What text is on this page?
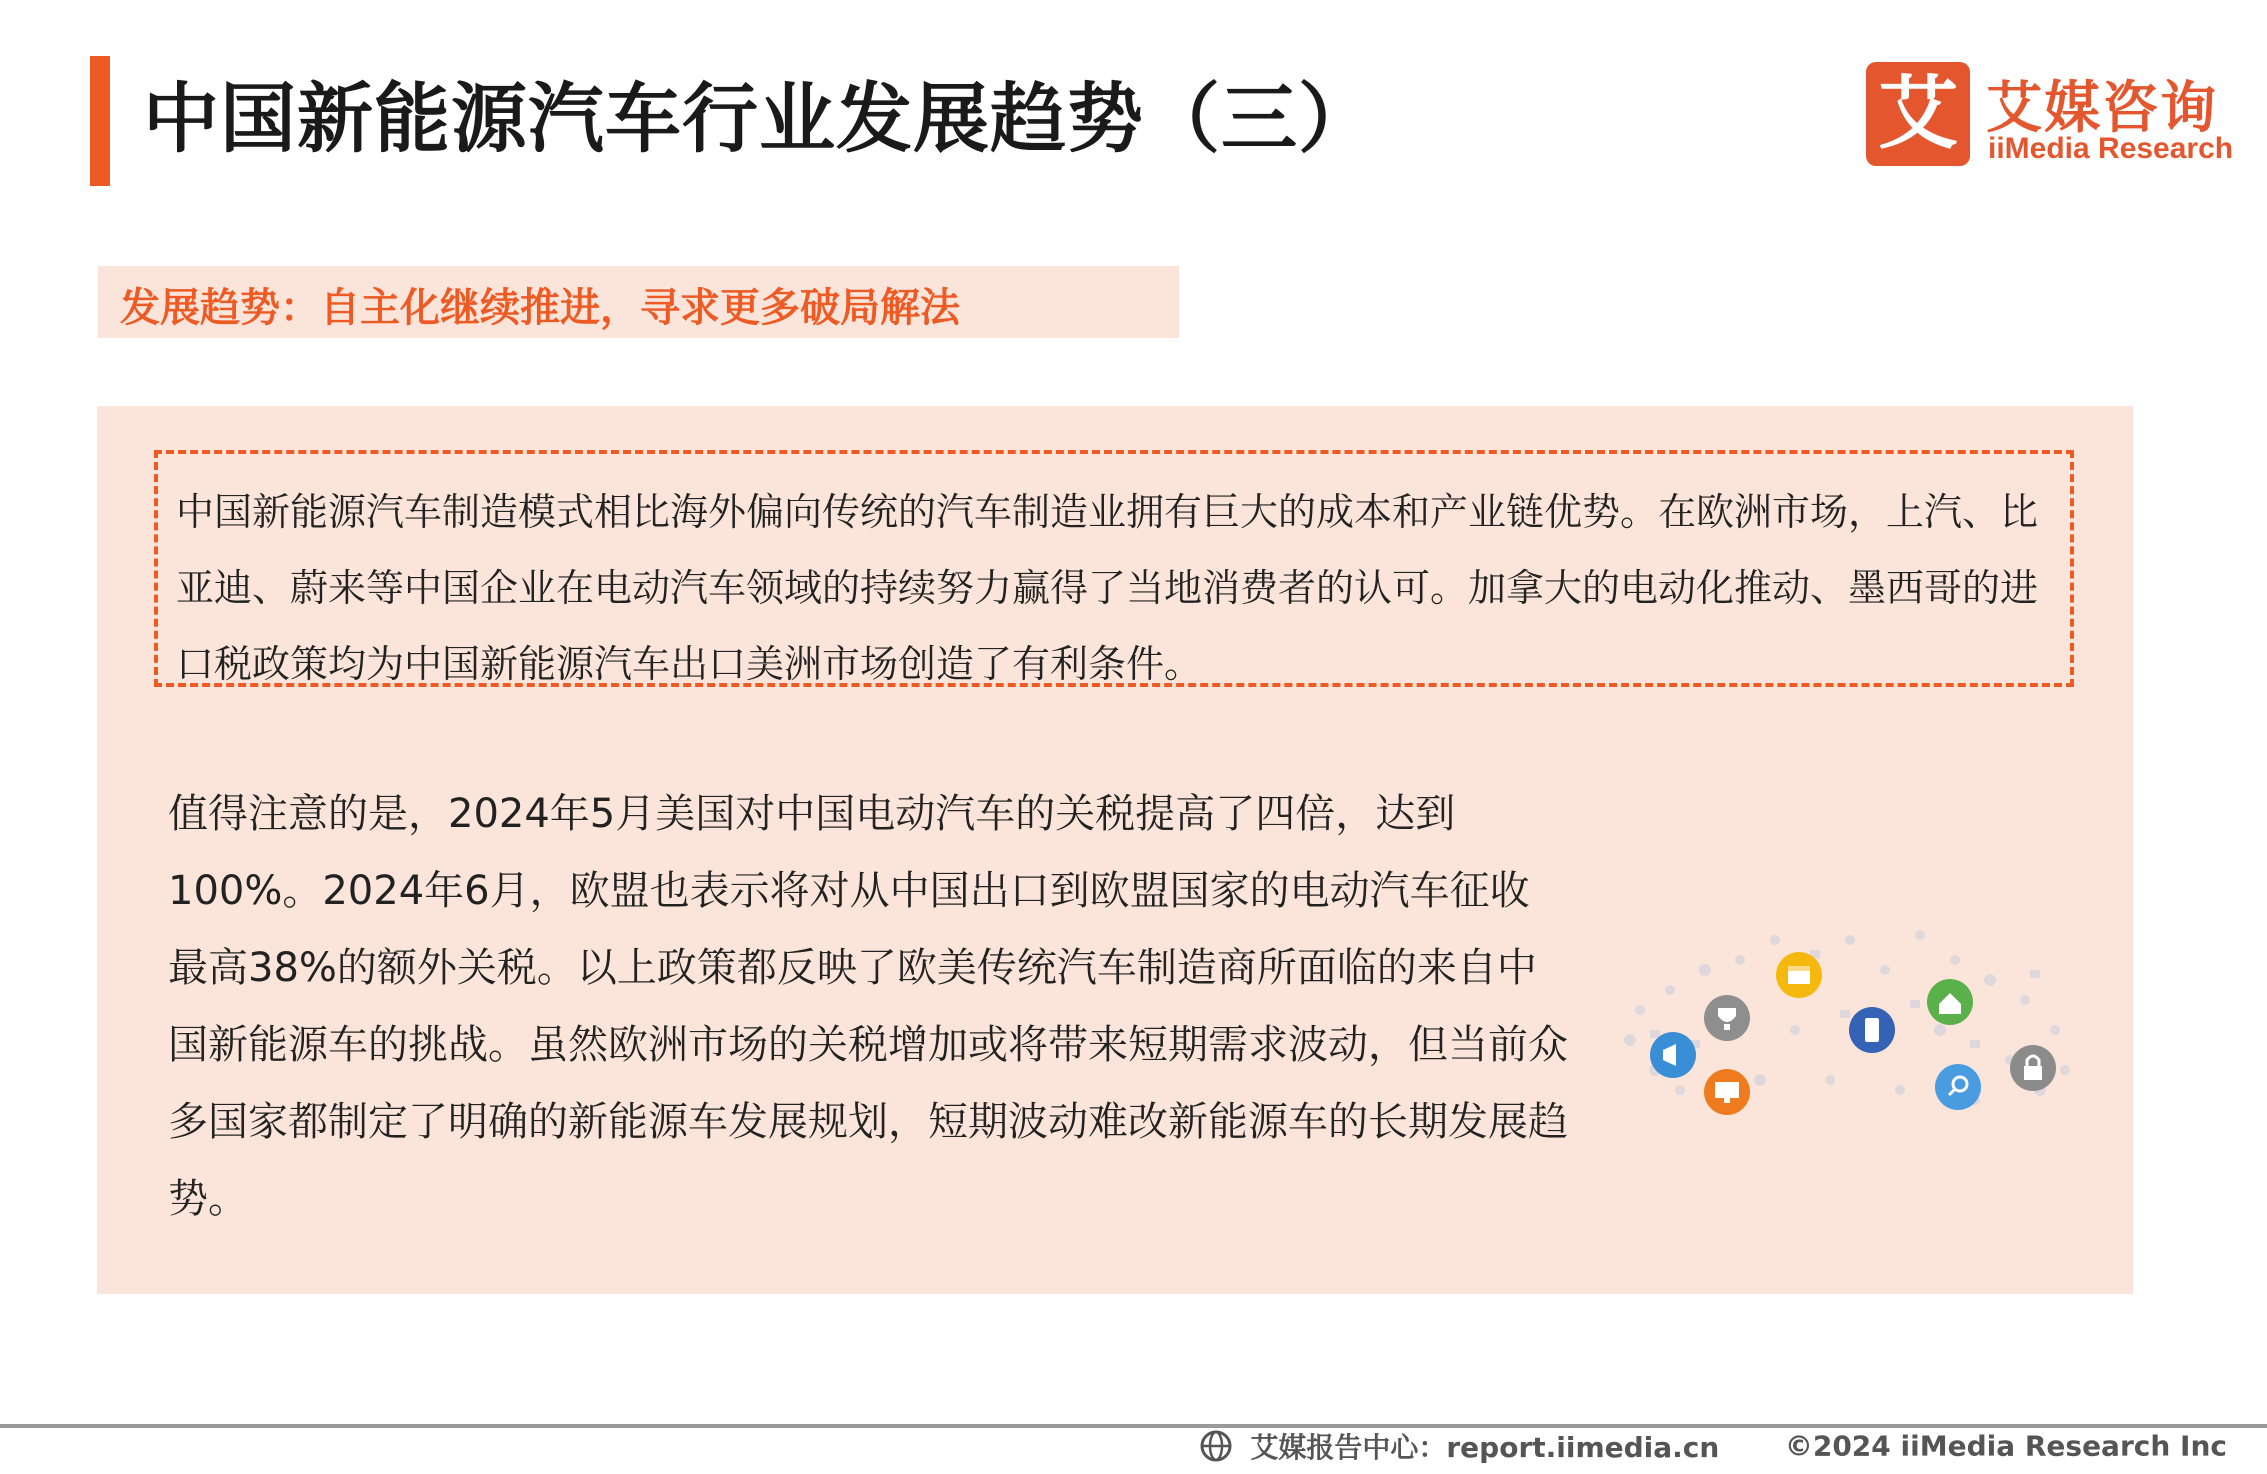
中国新能源汽车行业发展趋势（三）	艾 艾媒咨询
iiMedia Research
发展趋势：自主化继续推进，寻求更多破局解法
中国新能源汽车制造模式相比海外偏向传统的汽车制造业拥有巨大的成本和产业链优势。在欧洲市场，上汽、比亚迪、蔚来等中国企业在电动汽车领域的持续努力赢得了当地消费者的认可。加拿大的电动化推动、墨西哥的进口税政策均为中国新能源汽车出口美洲市场创造了有利条件。
值得注意的是，2024年5月美国对中国电动汽车的关税提高了四倍，达到100%。2024年6月，欧盟也表示将对从中国出口到欧盟国家的电动汽车征收最高38%的额外关税。以上政策都反映了欧美传统汽车制造商所面临的来自中国新能源车的挑战。虽然欧洲市场的关税增加或将带来短期需求波动，但当前众多国家都制定了明确的新能源车发展规划，短期波动难改新能源车的长期发展趋势。
艾媒报告中心：report.iimedia.cn ©2024 iiMedia Research Inc
